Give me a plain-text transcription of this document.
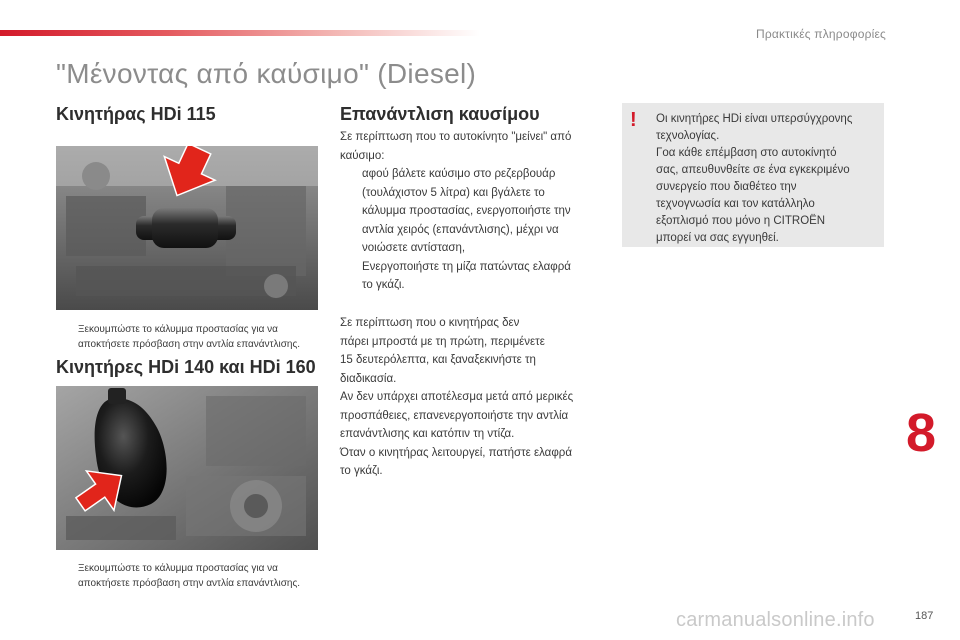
Πρακτικές πληροφορίες
"Μένοντας από καύσιμο" (Diesel)
Κινητήρας HDi 115
Ξεκουμπώστε το κάλυμμα προστασίας για να
αποκτήσετε πρόσβαση στην αντλία επανάντλισης.
Κινητήρες HDi 140 και HDi 160
Ξεκουμπώστε το κάλυμμα προστασίας για να
αποκτήσετε πρόσβαση στην αντλία επανάντλισης.
Επανάντλιση καυσίμου

Σε περίπτωση που το αυτοκίνητο "μείνει" από
καύσιμο:

αφού βάλετε καύσιμο στο ρεζερβουάρ
(τουλάχιστον 5 λίτρα) και βγάλετε το
κάλυμμα προστασίας, ενεργοποιήστε την
αντλία χειρός (επανάντλισης), μέχρι να
νοιώσετε αντίσταση,

Ενεργοποιήστε τη μίζα πατώντας ελαφρά
το γκάζι.

Σε περίπτωση που ο κινητήρας δεν
πάρει μπροστά με τη πρώτη, περιμένετε
15 δευτερόλεπτα, και ξαναξεκινήστε τη
διαδικασία.
Αν δεν υπάρχει αποτέλεσμα μετά από μερικές
προσπάθειες, επανενεργοποιήστε την αντλία
επανάντλισης και κατόπιν τη ντίζα.
Όταν ο κινητήρας λειτουργεί, πατήστε ελαφρά
το γκάζι.

! Οι κινητήρες HDi είναι υπερσύγχρονης
τεχνολογίας.
Γοα κάθε επέμβαση στο αυτοκίνητό
σας, απευθυνθείτε σε ένα εγκεκριμένο
συνεργείο που διαθέτεο την
τεχνογνωσία και τον κατάλληλο
εξοπλισμό που μόνο η CITROËN
μπορεί να σας εγγυηθεί.
8
carmanualsonline.info	187
